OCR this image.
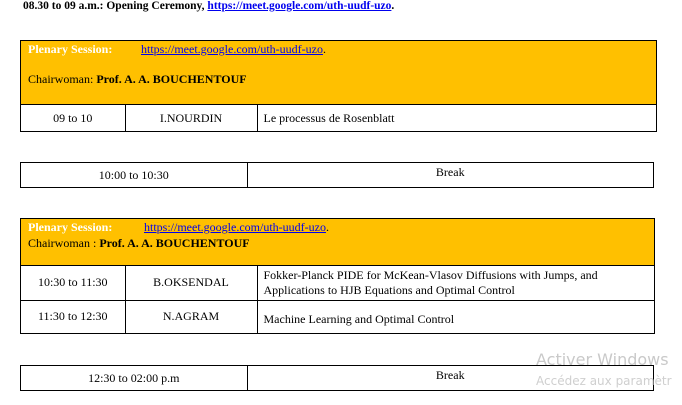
08.30 to 09 a.m.: Opening Ceremony, https://meet.google.com/uth-uudf-uzo.
Plenary Session: https://meet.google.com/uth-uudf-uzo.
Chairwoman: Prof. A. A. BOUCHENTOUF
09 to 10	I.NOURDIN	Le processus de Rosenblatt
10:00 to 10:30	Break
Plenary Session:	https://meet.google.com/uth-uudf-uzo.
Chairwoman : Prof. A. A. BOUCHENTOUF
10:30 to 11:30	B.OKSENDAL	Fokker-Planck PIDE for McKean-Vlasov Diffusions with Jumps, and
Applications to HJB Equations and Optimal Control

11:30 to 12:30	N.AGRAM	Machine Learning and Optimal Control
12:30 to 02:00 p.m	Break
Activer Windows
Accédez aux paramètr
